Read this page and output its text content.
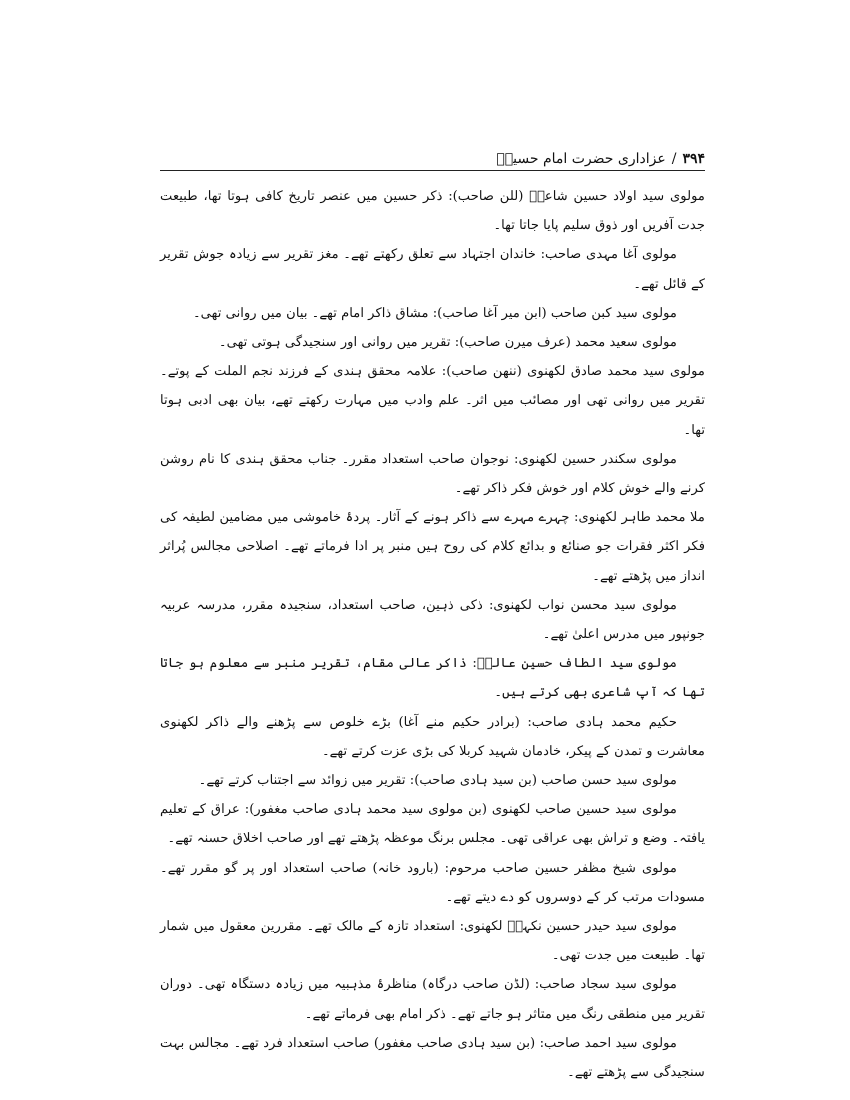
۳۹۴
/
عزاداری حضرت امام حسینؑ

مولوی سید اولاد حسین شاعرؔ (للن صاحب): ذکر حسین میں عنصر تاریخ کافی ہوتا تھا، طبیعت جدت آفریں اور ذوق سلیم پایا جاتا تھا۔

مولوی آغا مہدی صاحب: خاندان اجتہاد سے تعلق رکھتے تھے۔ مغز تقریر سے زیادہ جوش تقریر کے قائل تھے۔

مولوی سید کبن صاحب (ابن میر آغا صاحب): مشاق ذاکر امام تھے۔ بیان میں روانی تھی۔

مولوی سعید محمد (عرف میرن صاحب): تقریر میں روانی اور سنجیدگی ہوتی تھی۔

مولوی سید محمد صادق لکھنوی (ننھن صاحب): علامہ محقق ہندی کے فرزند نجم الملت کے پوتے۔ تقریر میں روانی تھی اور مصائب میں اثر۔ علم وادب میں مہارت رکھتے تھے، بیان بھی ادبی ہوتا تھا۔

مولوی سکندر حسین لکھنوی: نوجوان صاحب استعداد مقرر۔ جناب محقق ہندی کا نام روشن کرنے والے خوش کلام اور خوش فکر ذاکر تھے۔

ملا محمد طاہر لکھنوی: چہرے مہرے سے ذاکر ہونے کے آثار۔ پردۂ خاموشی میں مضامین لطیفہ کی فکر اکثر فقرات جو صنائع و بدائع کلام کی روح ہیں منبر پر ادا فرماتے تھے۔ اصلاحی مجالس پُراثر انداز میں پڑھتے تھے۔

مولوی سید محسن نواب لکھنوی: ذکی ذہین، صاحب استعداد، سنجیدہ مقرر، مدرسہ عربیہ جونپور میں مدرس اعلیٰ تھے۔

مولوی سید الطاف حسین عالمؔ: ذاکر عالی مقام، تقریر منبر سے معلوم ہو جاتا تھا کہ آپ شاعری بھی کرتے ہیں۔

حکیم محمد ہادی صاحب: (برادر حکیم منے آغا) بڑے خلوص سے پڑھنے والے ذاکر لکھنوی معاشرت و تمدن کے پیکر، خادمان شہید کربلا کی بڑی عزت کرتے تھے۔

مولوی سید حسن صاحب (بن سید ہادی صاحب): تقریر میں زوائد سے اجتناب کرتے تھے۔

مولوی سید حسین صاحب لکھنوی (بن مولوی سید محمد ہادی صاحب مغفور): عراق کے تعلیم یافتہ۔ وضع و تراش بھی عراقی تھی۔ مجلس برنگ موعظہ پڑھتے تھے اور صاحب اخلاق حسنہ تھے۔

مولوی شیخ مظفر حسین صاحب مرحوم: (بارود خانہ) صاحب استعداد اور پر گو مقرر تھے۔ مسودات مرتب کر کے دوسروں کو دے دیتے تھے۔

مولوی سید حیدر حسین نکہتؔ لکھنوی: استعداد تازہ کے مالک تھے۔ مقررین معقول میں شمار تھا۔ طبیعت میں جدت تھی۔

مولوی سید سجاد صاحب: (لڈن صاحب درگاہ) مناظرۂ مذہبیہ میں زیادہ دستگاہ تھی۔ دوران تقریر میں منطقی رنگ میں متاثر ہو جاتے تھے۔ ذکر امام بھی فرماتے تھے۔

مولوی سید احمد صاحب: (بن سید ہادی صاحب مغفور) صاحب استعداد فرد تھے۔ مجالس بہت سنجیدگی سے پڑھتے تھے۔
